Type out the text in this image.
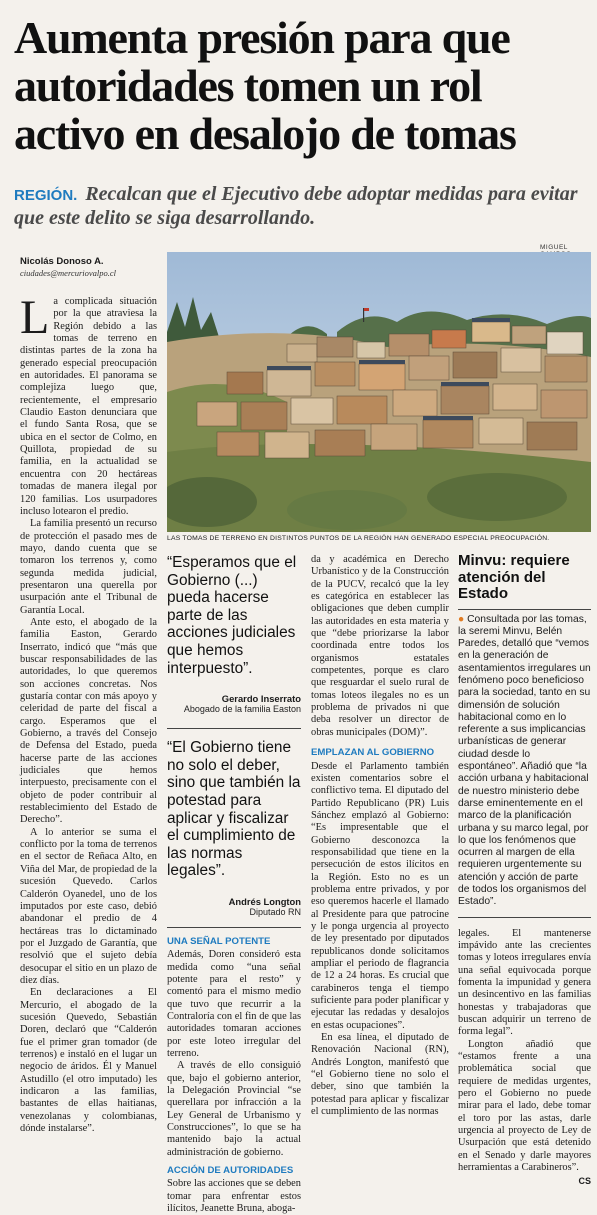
Aumenta presión para que
autoridades tomen un rol
activo en desalojo de tomas
REGIÓN. Recalcan que el Ejecutivo debe adoptar medidas para evitar que este delito se siga desarrollando.
Nicolás Donoso A.
ciudades@mercuriovalpo.cl
MIGUEL
LAS TOMAS DE TERRENO EN DISTINTOS PUNTOS DE LA REGIÓN HAN GENERADO ESPECIAL PREOCUPACIÓN.

La complicada situación por la que atraviesa la Región debido a las tomas de terreno en distintas partes de la zona ha generado especial preocupación en autoridades. El panorama se complejiza luego que, recientemente, el empresario Claudio Easton denunciara que el fundo Santa Rosa, que se ubica en el sector de Colmo, en Quillota, propiedad de su familia, en la actualidad se encuentra con 20 hectáreas tomadas de manera ilegal por 120 familias. Los usurpadores incluso lotearon el predio.

La familia presentó un recurso de protección el pasado mes de mayo, dando cuenta que se tomaron los terrenos y, como segunda medida judicial, presentaron una querella por usurpación ante el Tribunal de Garantía Local.

Ante esto, el abogado de la familia Easton, Gerardo Inserrato, indicó que “más que buscar responsabilidades de las autoridades, lo que queremos son acciones concretas. Nos gustaría contar con más apoyo y celeridad de parte del fiscal a cargo. Esperamos que el Gobierno, a través del Consejo de Defensa del Estado, pueda hacerse parte de las acciones judiciales que hemos interpuesto, precisamente con el objeto de poder contribuir al restablecimiento del Estado de Derecho”.

A lo anterior se suma el conflicto por la toma de terrenos en el sector de Reñaca Alto, en Viña del Mar, de propiedad de la sucesión Quevedo. Carlos Calderón Oyanedel, uno de los imputados por este caso, debió abandonar el predio de 4 hectáreas tras lo dictaminado por el Juzgado de Garantía, que resolvió que el sujeto debía desocupar el sitio en un plazo de diez días.

En declaraciones a El Mercurio, el abogado de la sucesión Quevedo, Sebastián Doren, declaró que “Calderón fue el primer gran tomador (de terrenos) e instaló en el lugar un negocio de áridos. Él y Manuel Astudillo (el otro imputado) les indicaron a las familias, bastantes de ellas haitianas, venezolanas y colombianas, dónde instalarse”.

“Esperamos que el Gobierno (...) pueda hacerse parte de las acciones judiciales que hemos interpuesto”.
Gerardo Inserrato
Abogado de la familia Easton
“El Gobierno tiene no solo el deber, sino que también la potestad para aplicar y fiscalizar el cumplimiento de las normas legales”.
Andrés Longton
Diputado RN
UNA SEÑAL POTENTE

Además, Doren consideró esta medida como “una señal potente para el resto” y comentó para el mismo medio que tuvo que recurrir a la Contraloría con el fin de que las autoridades tomaran acciones por este loteo irregular del terreno.

A través de ello consiguió que, bajo el gobierno anterior, la Delegación Provincial “se querellara por infracción a la Ley General de Urbanismo y Construcciones”, lo que se ha mantenido bajo la actual administración de gobierno.

ACCIÓN DE AUTORIDADES

Sobre las acciones que se deben tomar para enfrentar estos ilícitos, Jeanette Bruna, aboga-

da y académica en Derecho Urbanístico y de la Construcción de la PUCV, recalcó que la ley es categórica en establecer las obligaciones que deben cumplir las autoridades en esta materia y que “debe priorizarse la labor coordinada entre todos los organismos estatales competentes, porque es claro que resguardar el suelo rural de tomas loteos ilegales no es un problema de privados ni que deba resolver un director de obras municipales (DOM)”.

EMPLAZAN AL GOBIERNO

Desde el Parlamento también existen comentarios sobre el conflictivo tema. El diputado del Partido Republicano (PR) Luis Sánchez emplazó al Gobierno: “Es impresentable que el Gobierno desconozca la responsabilidad que tiene en la persecución de estos ilícitos en la Región. Esto no es un problema entre privados, y por eso queremos hacerle el llamado al Presidente para que patrocine y le ponga urgencia al proyecto de ley presentado por diputados republicanos donde solicitamos ampliar el periodo de flagrancia de 12 a 24 horas. Es crucial que carabineros tenga el tiempo suficiente para poder planificar y ejecutar las redadas y desalojos en estas ocupaciones”.

En esa línea, el diputado de Renovación Nacional (RN), Andrés Longton, manifestó que “el Gobierno tiene no solo el deber, sino que también la potestad para aplicar y fiscalizar el cumplimiento de las normas

Minvu: requiere atención del Estado
● Consultada por las tomas, la seremi Minvu, Belén Paredes, detalló que “vemos en la generación de asentamientos irregulares un fenómeno poco beneficioso para la sociedad, tanto en su dimensión de solución habitacional como en lo referente a sus implicancias urbanísticas de generar ciudad desde lo espontáneo”. Añadió que “la acción urbana y habitacional de nuestro ministerio debe darse eminentemente en el marco de la planificación urbana y su marco legal, por lo que los fenómenos que ocurren al margen de ella requieren urgentemente su atención y acción de parte de todos los organismos del Estado”.

legales. El mantenerse impávido ante las crecientes tomas y loteos irregulares envía una señal equivocada porque fomenta la impunidad y genera un desincentivo en las familias honestas y trabajadoras que buscan adquirir un terreno de forma legal”.

Longton añadió que “estamos frente a una problemática social que requiere de medidas urgentes, pero el Gobierno no puede mirar para el lado, debe tomar el toro por las astas, darle urgencia al proyecto de Ley de Usurpación que está detenido en el Senado y darle mayores herramientas a Carabineros”.

CS
